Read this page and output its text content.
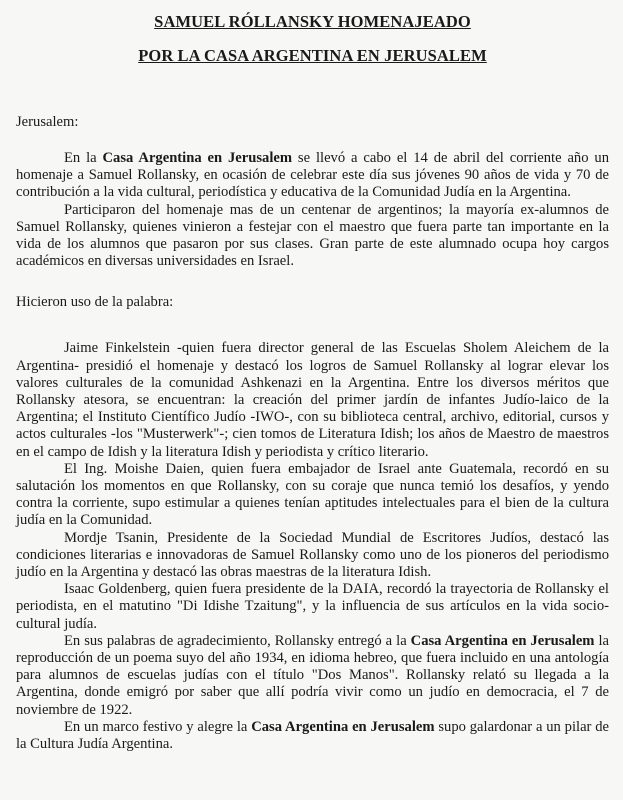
SAMUEL RÓLLANSKY HOMENAJEADO
POR LA CASA ARGENTINA EN JERUSALEM
Jerusalem:

En la Casa Argentina en Jerusalem se llevó a cabo el 14 de abril del corriente año un homenaje a Samuel Rollansky, en ocasión de celebrar este día sus jóvenes 90 años de vida y 70 de contribución a la vida cultural, periodística y educativa de la Comunidad Judía en la Argentina.

Participaron del homenaje mas de un centenar de argentinos; la mayoría ex-alumnos de Samuel Rollansky, quienes vinieron a festejar con el maestro que fuera parte tan importante en la vida de los alumnos que pasaron por sus clases. Gran parte de este alumnado ocupa hoy cargos académicos en diversas universidades en Israel.

Hicieron uso de la palabra:

Jaime Finkelstein -quien fuera director general de las Escuelas Sholem Aleichem de la Argentina- presidió el homenaje y destacó los logros de Samuel Rollansky al lograr elevar los valores culturales de la comunidad Ashkenazi en la Argentina. Entre los diversos méritos que Rollansky atesora, se encuentran: la creación del primer jardín de infantes Judío-laico de la Argentina; el Instituto Científico Judío -IWO-, con su biblioteca central, archivo, editorial, cursos y actos culturales -los "Musterwerk"-; cien tomos de Literatura Idish; los años de Maestro de maestros en el campo de Idish y la literatura Idish y periodista y crítico literario.

El Ing. Moishe Daien, quien fuera embajador de Israel ante Guatemala, recordó en su salutación los momentos en que Rollansky, con su coraje que nunca temió los desafíos, y yendo contra la corriente, supo estimular a quienes tenían aptitudes intelectuales para el bien de la cultura judía en la Comunidad.

Mordje Tsanin, Presidente de la Sociedad Mundial de Escritores Judíos, destacó las condiciones literarias e innovadoras de Samuel Rollansky como uno de los pioneros del periodismo judío en la Argentina y destacó las obras maestras de la literatura Idish.

Isaac Goldenberg, quien fuera presidente de la DAIA, recordó la trayectoria de Rollansky el periodista, en el matutino "Di Idishe Tzaitung", y la influencia de sus artículos en la vida socio-cultural judía.

En sus palabras de agradecimiento, Rollansky entregó a la Casa Argentina en Jerusalem la reproducción de un poema suyo del año 1934, en idioma hebreo, que fuera incluido en una antología para alumnos de escuelas judías con el título "Dos Manos". Rollansky relató su llegada a la Argentina, donde emigró por saber que allí podría vivir como un judío en democracia, el 7 de noviembre de 1922.

En un marco festivo y alegre la Casa Argentina en Jerusalem supo galardonar a un pilar de la Cultura Judía Argentina.
